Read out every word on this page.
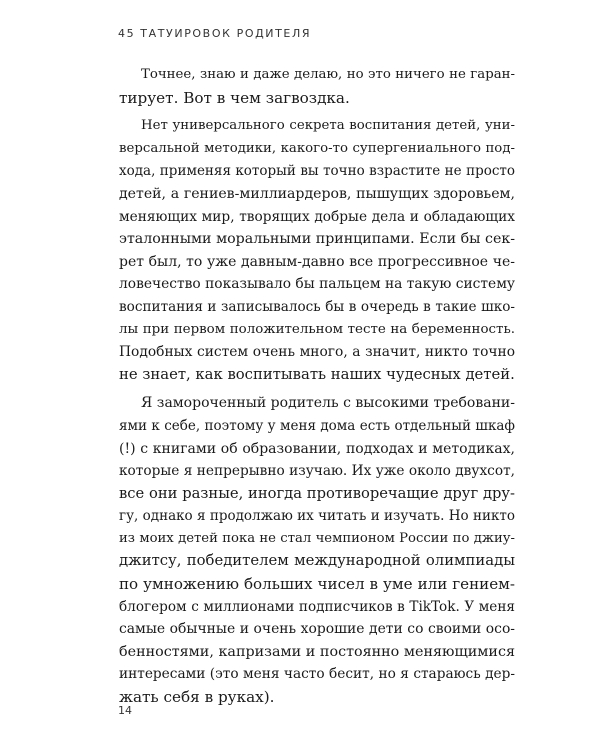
45 ТАТУИРОВОК РОДИТЕЛЯ

Точнее, знаю и даже делаю, но это ничего не гаран-
тирует. Вот в чем загвоздка.

Нет универсального секрета воспитания детей, уни-
версальной методики, какого-то супергениального под-
хода, применяя который вы точно взрастите не просто
детей, а гениев-миллиардеров, пышущих здоровьем,
меняющих мир, творящих добрые дела и обладающих
эталонными моральными принципами. Если бы сек-
рет был, то уже давным-давно все прогрессивное че-
ловечество показывало бы пальцем на такую систему
воспитания и записывалось бы в очередь в такие шко-
лы при первом положительном тесте на беременность.
Подобных систем очень много, а значит, никто точно
не знает, как воспитывать наших чудесных детей.

Я замороченный родитель с высокими требовани-
ями к себе, поэтому у меня дома есть отдельный шкаф
(!) с книгами об образовании, подходах и методиках,
которые я непрерывно изучаю. Их уже около двухсот,
все они разные, иногда противоречащие друг дру-
гу, однако я продолжаю их читать и изучать. Но никто
из моих детей пока не стал чемпионом России по джиу-
джитсу, победителем международной олимпиады
по умножению больших чисел в уме или гением-
блогером с миллионами подписчиков в TikTok. У меня
самые обычные и очень хорошие дети со своими осо-
бенностями, капризами и постоянно меняющимися
интересами (это меня часто бесит, но я стараюсь дер-
жать себя в руках).

14
